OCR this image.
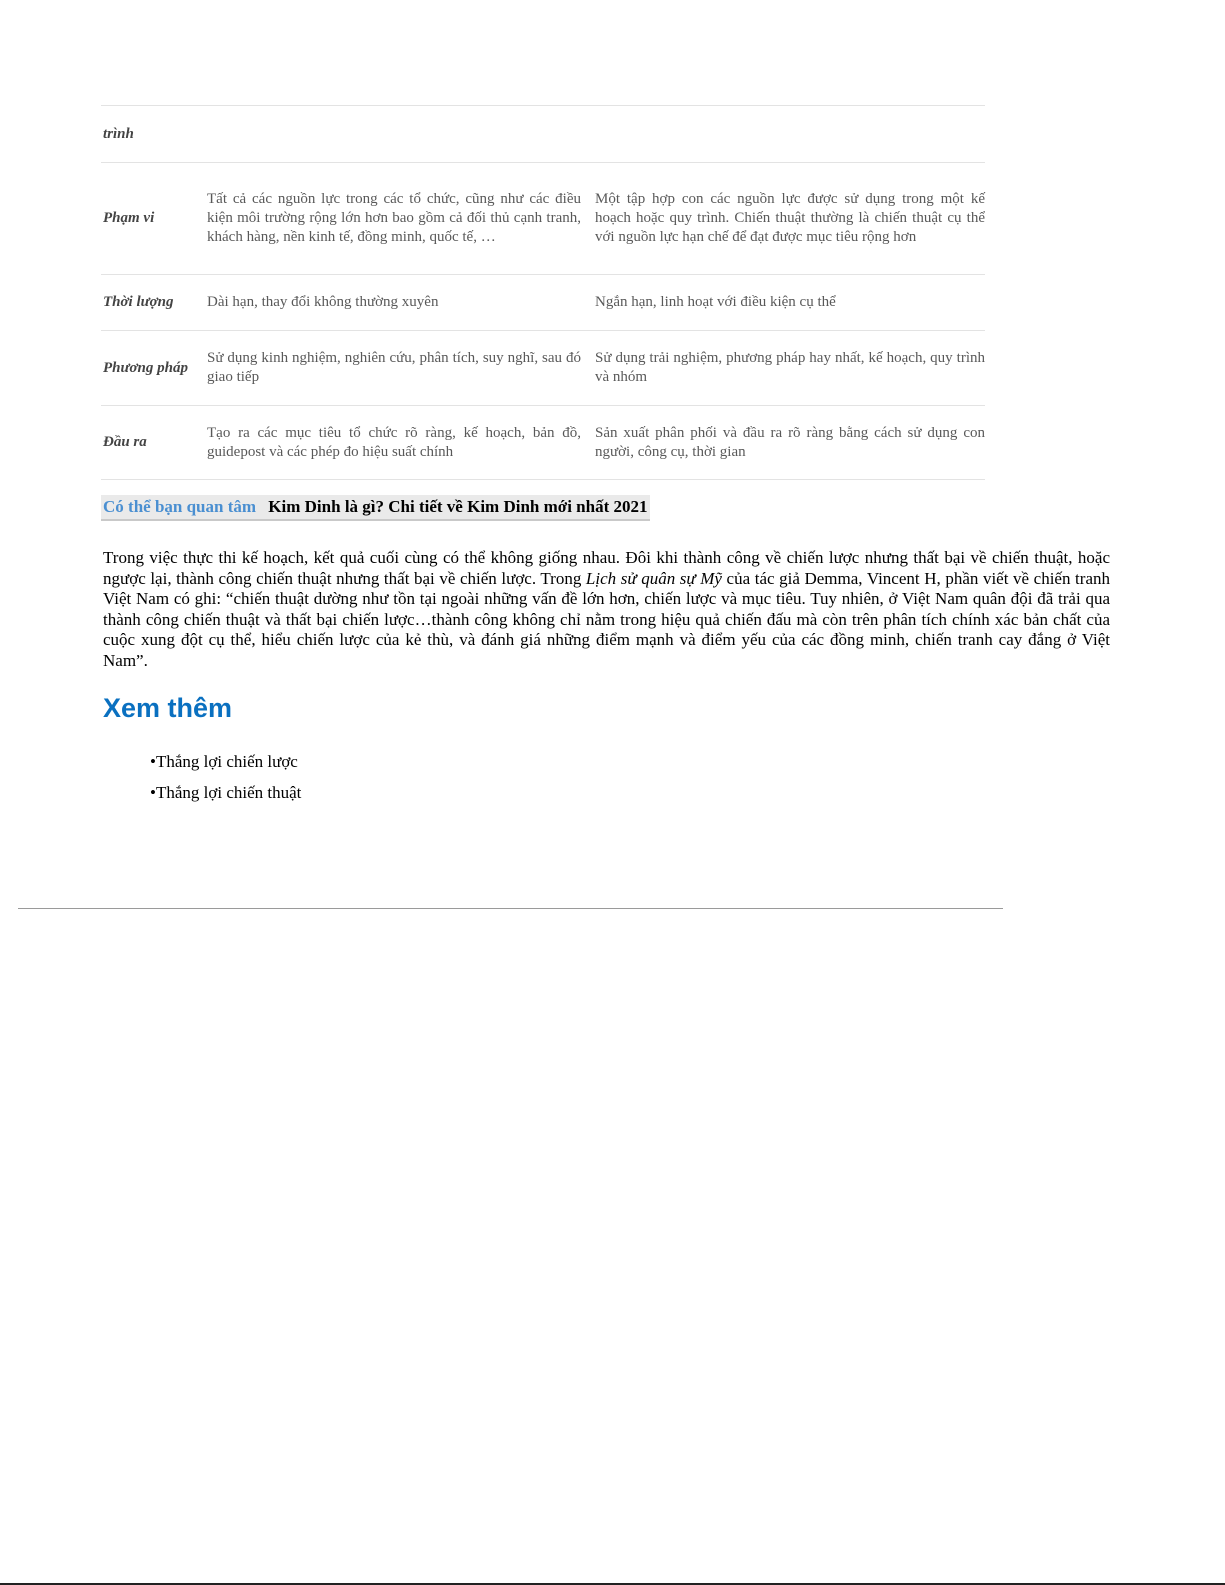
trình		
Phạm vi	Tất cả các nguồn lực trong các tổ chức, cũng như các điều kiện môi trường rộng lớn hơn bao gồm cả đối thủ cạnh tranh, khách hàng, nền kinh tế, đồng minh, quốc tế, …	Một tập hợp con các nguồn lực được sử dụng trong một kế hoạch hoặc quy trình. Chiến thuật thường là chiến thuật cụ thể với nguồn lực hạn chế để đạt được mục tiêu rộng hơn
Thời lượng	Dài hạn, thay đổi không thường xuyên	Ngắn hạn, linh hoạt với điều kiện cụ thể
Phương pháp	Sử dụng kinh nghiệm, nghiên cứu, phân tích, suy nghĩ, sau đó giao tiếp	Sử dụng trải nghiệm, phương pháp hay nhất, kế hoạch, quy trình và nhóm
Đầu ra	Tạo ra các mục tiêu tổ chức rõ ràng, kế hoạch, bản đồ, guidepost và các phép đo hiệu suất chính	Sản xuất phân phối và đầu ra rõ ràng bằng cách sử dụng con người, công cụ, thời gian
Có thể bạn quan tâm Kim Dinh là gì? Chi tiết về Kim Dinh mới nhất 2021

Trong việc thực thi kế hoạch, kết quả cuối cùng có thể không giống nhau. Đôi khi thành công về chiến lược nhưng thất bại về chiến thuật, hoặc ngược lại, thành công chiến thuật nhưng thất bại về chiến lược. Trong Lịch sử quân sự Mỹ của tác giả Demma, Vincent H, phần viết về chiến tranh Việt Nam có ghi: “chiến thuật dường như tồn tại ngoài những vấn đề lớn hơn, chiến lược và mục tiêu. Tuy nhiên, ở Việt Nam quân đội đã trải qua thành công chiến thuật và thất bại chiến lược…thành công không chỉ nằm trong hiệu quả chiến đấu mà còn trên phân tích chính xác bản chất của cuộc xung đột cụ thể, hiểu chiến lược của kẻ thù, và đánh giá những điểm mạnh và điểm yếu của các đồng minh, chiến tranh cay đắng ở Việt Nam”.

Xem thêm
• Thắng lợi chiến lược
• Thắng lợi chiến thuật
